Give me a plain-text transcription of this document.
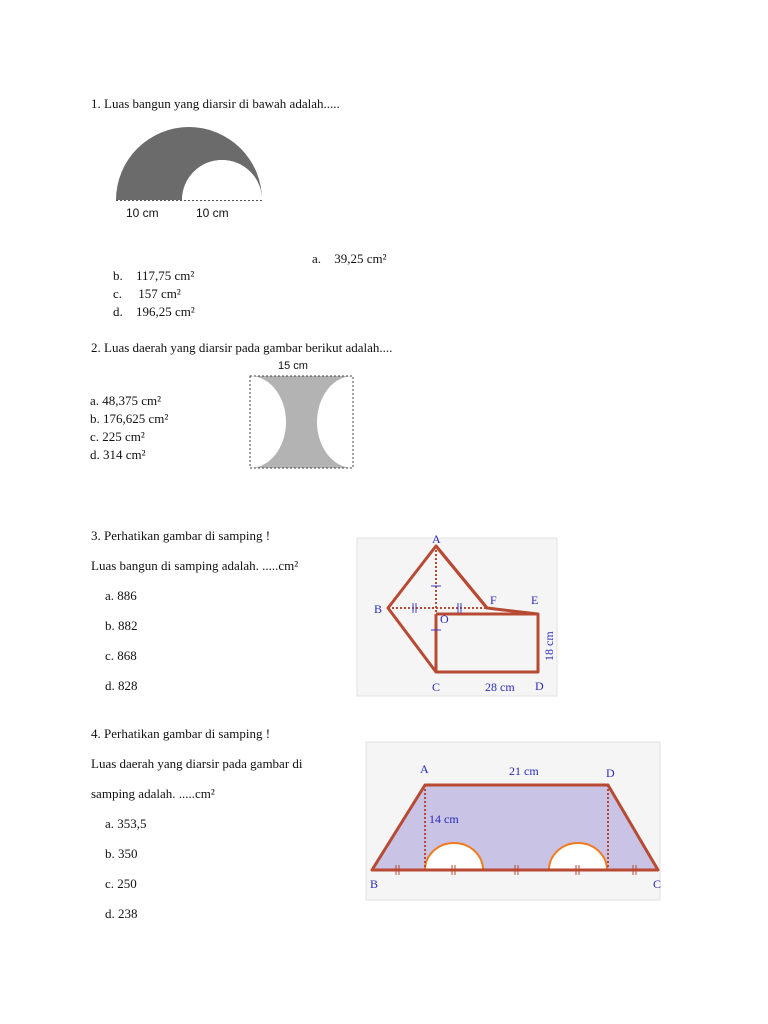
1. Luas bangun yang diarsir di bawah adalah.....
10 cm	10 cm
a. 39,25 cm²
b. 117,75 cm²
c. 157 cm²
d. 196,25 cm²
2. Luas daerah yang diarsir pada gambar berikut adalah....
15 cm
a. 48,375 cm²
b. 176,625 cm²
c. 225 cm²
d. 314 cm²
3. Perhatikan gambar di samping !
Luas bangun di samping adalah. .....cm²
a. 886
b. 882
c. 868
d. 828
A
B
C	D
E
F
O
28 cm
18 cm
4. Perhatikan gambar di samping !
Luas daerah yang diarsir pada gambar di
samping adalah. .....cm²
a. 353,5
b. 350
c. 250
d. 238
A	D
B	C
21 cm
14 cm
